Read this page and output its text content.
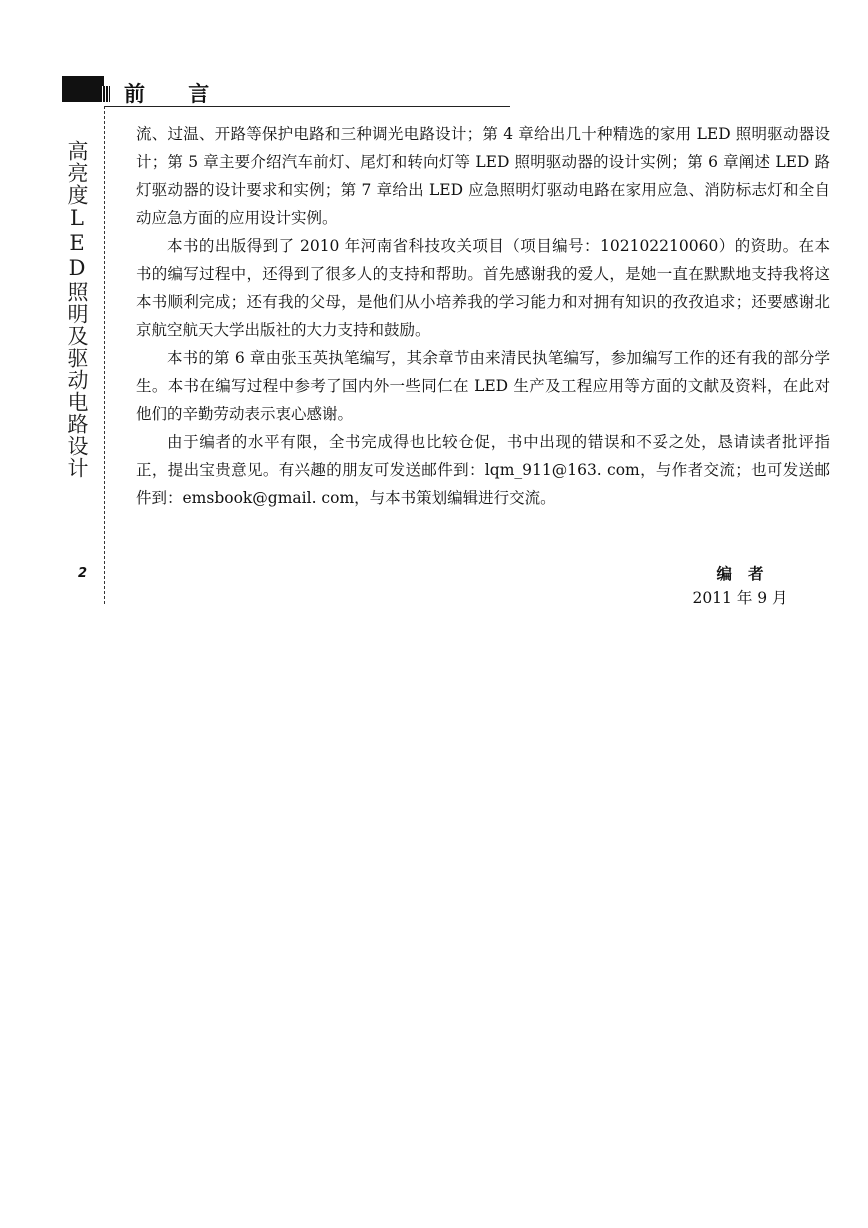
前 言
高亮度LED照明及驱动电路设计
2

流、过温、开路等保护电路和三种调光电路设计；第 4 章给出几十种精选的家用 LED 照明驱动器设计；第 5 章主要介绍汽车前灯、尾灯和转向灯等 LED 照明驱动器的设计实例；第 6 章阐述 LED 路灯驱动器的设计要求和实例；第 7 章给出 LED 应急照明灯驱动电路在家用应急、消防标志灯和全自动应急方面的应用设计实例。

本书的出版得到了 2010 年河南省科技攻关项目（项目编号：102102210060）的资助。在本书的编写过程中，还得到了很多人的支持和帮助。首先感谢我的爱人，是她一直在默默地支持我将这本书顺利完成；还有我的父母，是他们从小培养我的学习能力和对拥有知识的孜孜追求；还要感谢北京航空航天大学出版社的大力支持和鼓励。

本书的第 6 章由张玉英执笔编写，其余章节由来清民执笔编写，参加编写工作的还有我的部分学生。本书在编写过程中参考了国内外一些同仁在 LED 生产及工程应用等方面的文献及资料，在此对他们的辛勤劳动表示衷心感谢。

由于编者的水平有限，全书完成得也比较仓促，书中出现的错误和不妥之处，恳请读者批评指正，提出宝贵意见。有兴趣的朋友可发送邮件到：lqm_911@163. com，与作者交流；也可发送邮件到：emsbook@gmail. com，与本书策划编辑进行交流。

编者
2011 年 9 月
